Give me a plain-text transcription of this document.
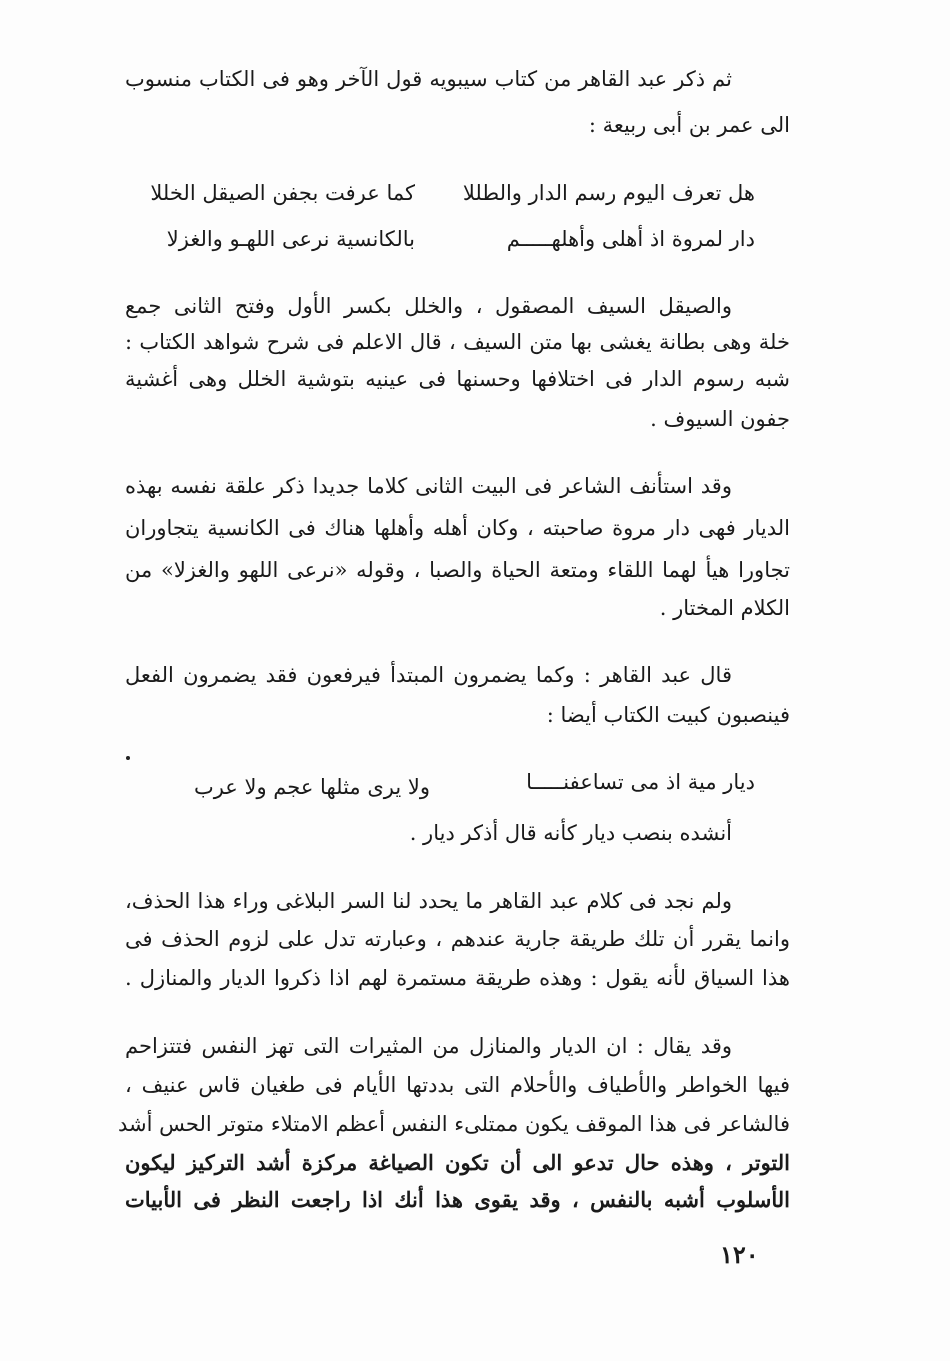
ثم ذكر عبد القاهر من كتاب سيبويه قول الآخر وهو فى الكتاب منسوب
الى عمر بن أبى ربيعة :
هل تعرف اليوم رسم الدار والطللا
كما عرفت بجفن الصيقل الخللا
دار لمروة اذ أهلى وأهلهـــــم
بالكانسية نرعى اللهـو والغزلا
والصيقل السيف المصقول ، والخلل بكسر الأول وفتح الثانى جمع
خلة وهى بطانة يغشى بها متن السيف ، قال الاعلم فى شرح شواهد الكتاب :
شبه رسوم الدار فى اختلافها وحسنها فى عينيه بتوشية الخلل وهى أغشية
جفون السيوف .
وقد استأنف الشاعر فى البيت الثانى كلاما جديدا ذكر علقة نفسه بهذه
الديار فهى دار مروة صاحبته ، وكان أهله وأهلها هناك فى الكانسية يتجاوران
تجاورا هيأ لهما اللقاء ومتعة الحياة والصبا ، وقوله «نرعى اللهو والغزلا» من
الكلام المختار .
قال عبد القاهر : وكما يضمرون المبتدأ فيرفعون فقد يضمرون الفعل
فينصبون كبيت الكتاب أيضا :
ديار مية اذ مى تساعفنـــــا
ولا يرى مثلها عجم ولا عرب
أنشده بنصب ديار كأنه قال أذكر ديار .
ولم نجد فى كلام عبد القاهر ما يحدد لنا السر البلاغى وراء هذا الحذف،
وانما يقرر أن تلك طريقة جارية عندهم ، وعبارته تدل على لزوم الحذف فى
هذا السياق لأنه يقول : وهذه طريقة مستمرة لهم اذا ذكروا الديار والمنازل .
وقد يقال : ان الديار والمنازل من المثيرات التى تهز النفس فتتزاحم
فيها الخواطر والأطياف والأحلام التى بددتها الأيام فى طغيان قاس عنيف ،
فالشاعر فى هذا الموقف يكون ممتلىء النفس أعظم الامتلاء متوتر الحس أشد
التوتر ، وهذه حال تدعو الى أن تكون الصياغة مركزة أشد التركيز ليكون
الأسلوب أشبه بالنفس ، وقد يقوى هذا أنك اذا راجعت النظر فى الأبيات
١٢٠
